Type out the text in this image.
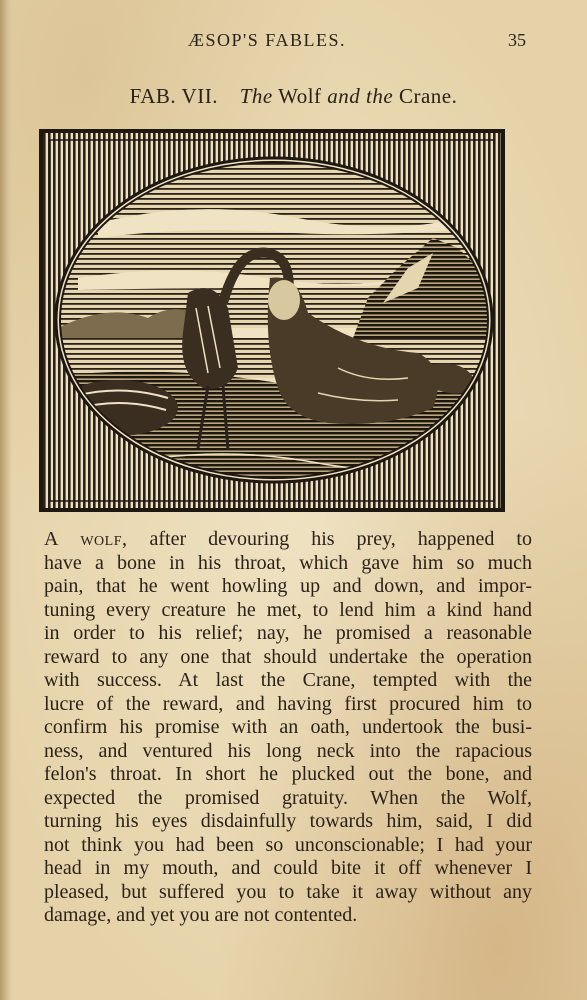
ÆSOP'S FABLES.	35
FAB. VII. The Wolf and the Crane.
A wolf, after devouring his prey, happened to
have a bone in his throat, which gave him so much
pain, that he went howling up and down, and impor-
tuning every creature he met, to lend him a kind hand
in order to his relief; nay, he promised a reasonable
reward to any one that should undertake the operation
with success. At last the Crane, tempted with the
lucre of the reward, and having first procured him to
confirm his promise with an oath, undertook the busi-
ness, and ventured his long neck into the rapacious
felon's throat. In short he plucked out the bone, and
expected the promised gratuity. When the Wolf,
turning his eyes disdainfully towards him, said, I did
not think you had been so unconscionable; I had your
head in my mouth, and could bite it off whenever I
pleased, but suffered you to take it away without any
damage, and yet you are not contented.
